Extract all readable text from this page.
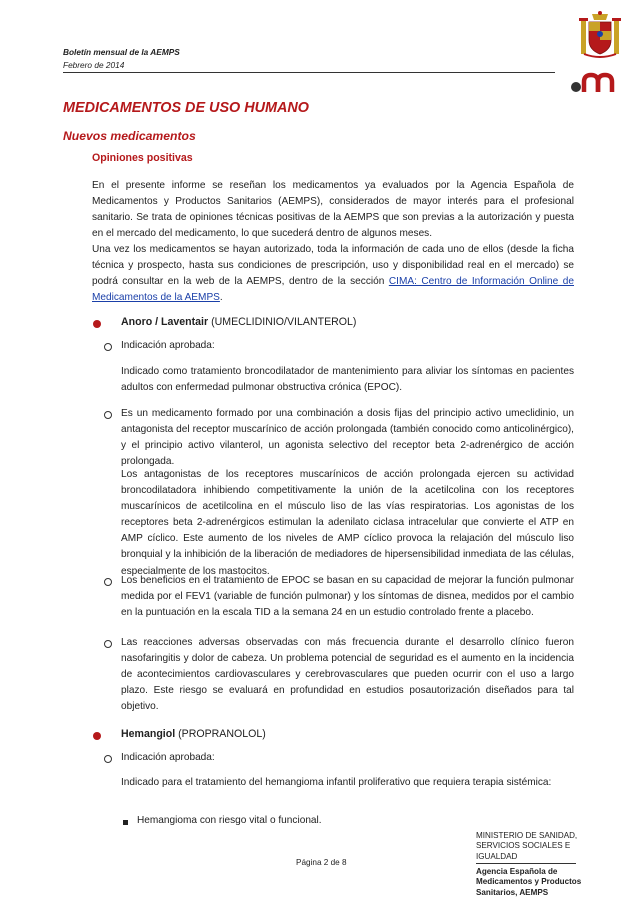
Boletín mensual de la AEMPS
Febrero de 2014
MEDICAMENTOS DE USO HUMANO
Nuevos medicamentos
Opiniones positivas
En el presente informe se reseñan los medicamentos ya evaluados por la Agencia Española de Medicamentos y Productos Sanitarios (AEMPS), considerados de mayor interés para el profesional sanitario. Se trata de opiniones técnicas positivas de la AEMPS que son previas a la autorización y puesta en el mercado del medicamento, lo que sucederá dentro de algunos meses.
Una vez los medicamentos se hayan autorizado, toda la información de cada uno de ellos (desde la ficha técnica y prospecto, hasta sus condiciones de prescripción, uso y disponibilidad real en el mercado) se podrá consultar en la web de la AEMPS, dentro de la sección CIMA: Centro de Información Online de Medicamentos de la AEMPS.
Anoro / Laventair (UMECLIDINIO/VILANTEROL)
Indicación aprobada:
Indicado como tratamiento broncodilatador de mantenimiento para aliviar los síntomas en pacientes adultos con enfermedad pulmonar obstructiva crónica (EPOC).
Es un medicamento formado por una combinación a dosis fijas del principio activo umeclidinio, un antagonista del receptor muscarínico de acción prolongada (también conocido como anticolinérgico), y el principio activo vilanterol, un agonista selectivo del receptor beta 2-adrenérgico de acción prolongada.
Los antagonistas de los receptores muscarínicos de acción prolongada ejercen su actividad broncodilatadora inhibiendo competitivamente la unión de la acetilcolina con los receptores muscarínicos de acetilcolina en el músculo liso de las vías respiratorias. Los agonistas de los receptores beta 2-adrenérgicos estimulan la adenilato ciclasa intracelular que convierte el ATP en AMP cíclico. Este aumento de los niveles de AMP cíclico provoca la relajación del músculo liso bronquial y la inhibición de la liberación de mediadores de hipersensibilidad inmediata de las células, especialmente de los mastocitos.
Los beneficios en el tratamiento de EPOC se basan en su capacidad de mejorar la función pulmonar medida por el FEV1 (variable de función pulmonar) y los síntomas de disnea, medidos por el cambio en la puntuación en la escala TID a la semana 24 en un estudio controlado frente a placebo.
Las reacciones adversas observadas con más frecuencia durante el desarrollo clínico fueron nasofaringitis y dolor de cabeza. Un problema potencial de seguridad es el aumento en la incidencia de acontecimientos cardiovasculares y cerebrovasculares que pueden ocurrir con el uso a largo plazo. Este riesgo se evaluará en profundidad en estudios posautorización diseñados para tal objetivo.
Hemangiol (PROPRANOLOL)
Indicación aprobada:
Indicado para el tratamiento del hemangioma infantil proliferativo que requiera terapia sistémica:
Hemangioma con riesgo vital o funcional.
Página 2 de 8
MINISTERIO DE SANIDAD,
SERVICIOS SOCIALES E
IGUALDAD
Agencia Española de
Medicamentos y Productos
Sanitarios, AEMPS
